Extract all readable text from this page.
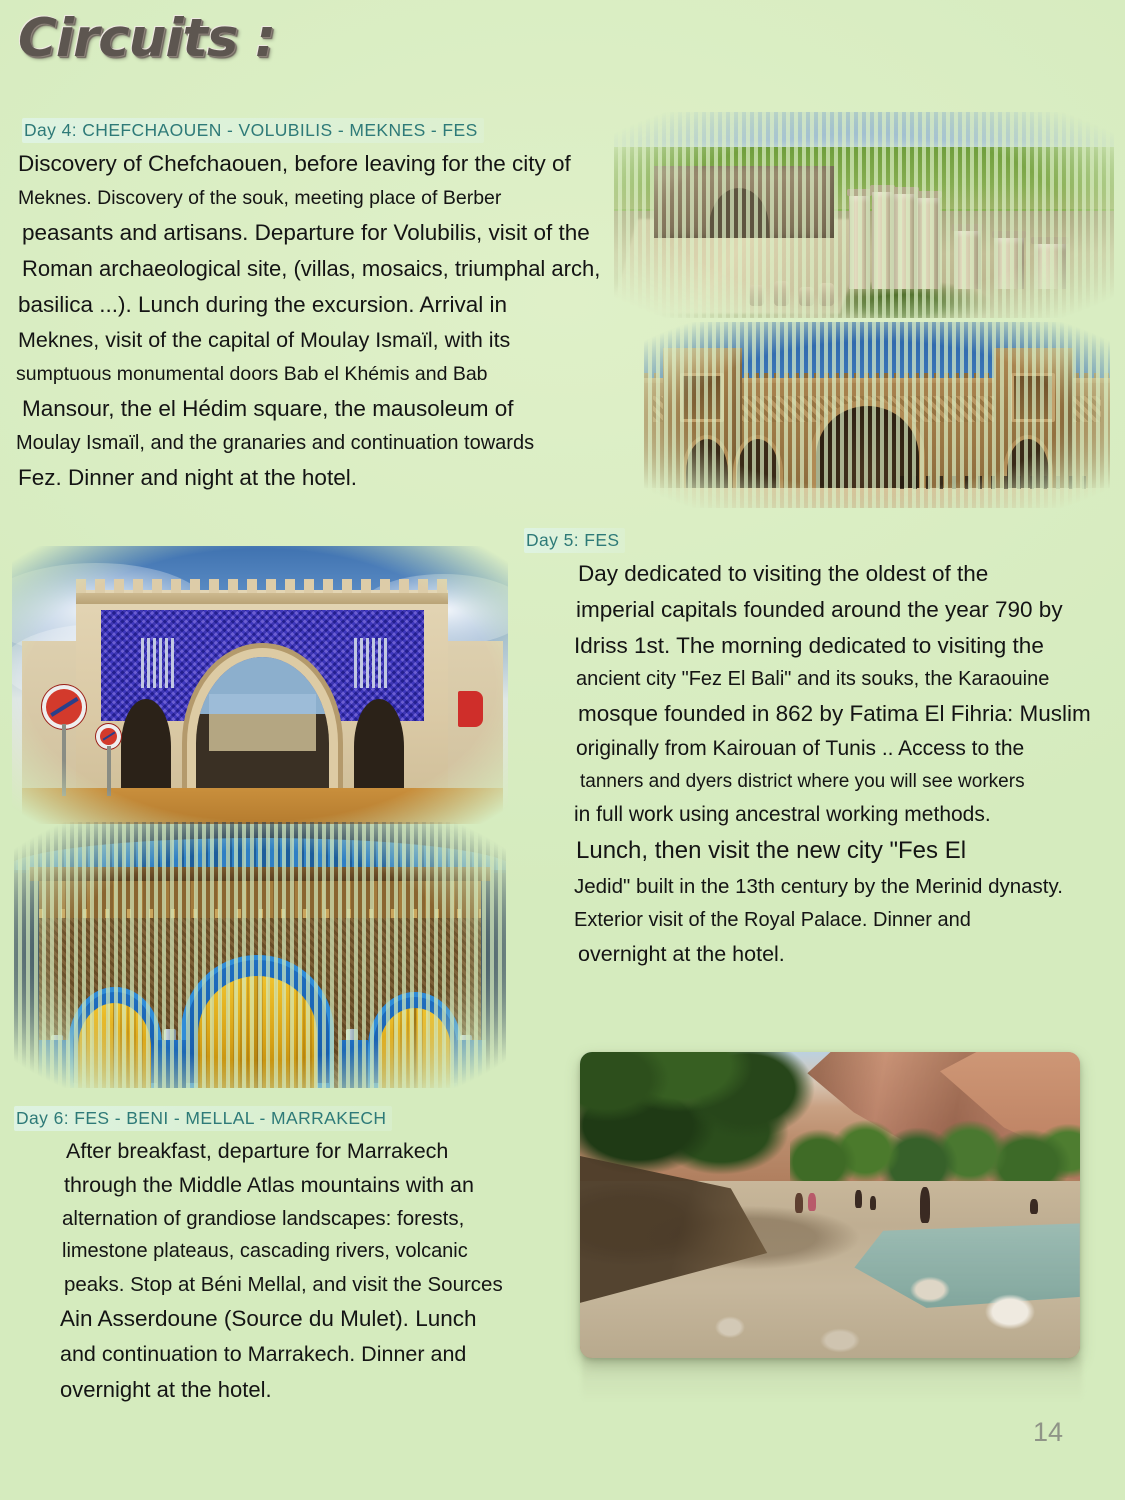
Circuits :
Day 4: CHEFCHAOUEN - VOLUBILIS - MEKNES - FES
Discovery of Chefchaouen, before leaving for the city of
Meknes. Discovery of the souk, meeting place of Berber
peasants and artisans. Departure for Volubilis, visit of the
Roman archaeological site, (villas, mosaics, triumphal arch,
basilica ...). Lunch during the excursion. Arrival in
Meknes, visit of the capital of Moulay Ismaïl, with its
sumptuous monumental doors Bab el Khémis and Bab
Mansour, the el Hédim square, the mausoleum of
Moulay Ismaïl, and the granaries and continuation towards
Fez. Dinner and night at the hotel.
Day 5: FES
Day dedicated to visiting the oldest of the
imperial capitals founded around the year 790 by
Idriss 1st. The morning dedicated to visiting the
ancient city "Fez El Bali" and its souks, the Karaouine
mosque founded in 862 by Fatima El Fihria: Muslim
originally from Kairouan of Tunis .. Access to the
tanners and dyers district where you will see workers
in full work using ancestral working methods.
Lunch, then visit the new city "Fes El
Jedid" built in the 13th century by the Merinid dynasty.
Exterior visit of the Royal Palace. Dinner and
overnight at the hotel.
Day 6: FES - BENI - MELLAL - MARRAKECH
After breakfast, departure for Marrakech
through the Middle Atlas mountains with an
alternation of grandiose landscapes: forests,
limestone plateaus, cascading rivers, volcanic
peaks. Stop at Béni Mellal, and visit the Sources
Ain Asserdoune (Source du Mulet). Lunch
and continuation to Marrakech. Dinner and
overnight at the hotel.
14
